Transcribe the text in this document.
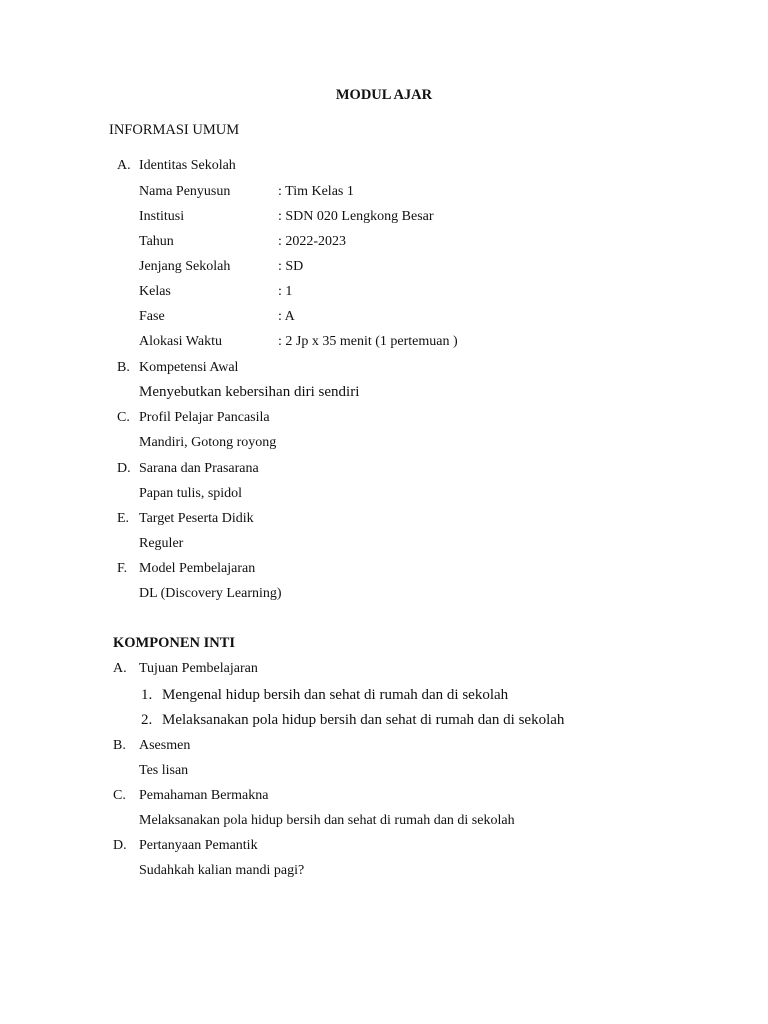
MODUL AJAR
INFORMASI UMUM
A. Identitas Sekolah
Nama Penyusun	: Tim Kelas 1
Institusi	: SDN 020 Lengkong Besar
Tahun	: 2022-2023
Jenjang Sekolah	: SD
Kelas	: 1
Fase	: A
Alokasi Waktu	: 2 Jp x 35 menit (1 pertemuan )
B. Kompetensi Awal
Menyebutkan kebersihan diri sendiri
C. Profil Pelajar Pancasila
Mandiri, Gotong royong
D. Sarana dan Prasarana
Papan tulis, spidol
E. Target Peserta Didik
Reguler
F. Model Pembelajaran
DL (Discovery Learning)
KOMPONEN INTI
A. Tujuan Pembelajaran
1. Mengenal hidup bersih dan sehat di rumah dan di sekolah
2. Melaksanakan pola hidup bersih dan sehat di rumah dan di sekolah
B. Asesmen
Tes lisan
C. Pemahaman Bermakna
Melaksanakan pola hidup bersih dan sehat di rumah dan di sekolah
D. Pertanyaan Pemantik
Sudahkah kalian mandi pagi?
